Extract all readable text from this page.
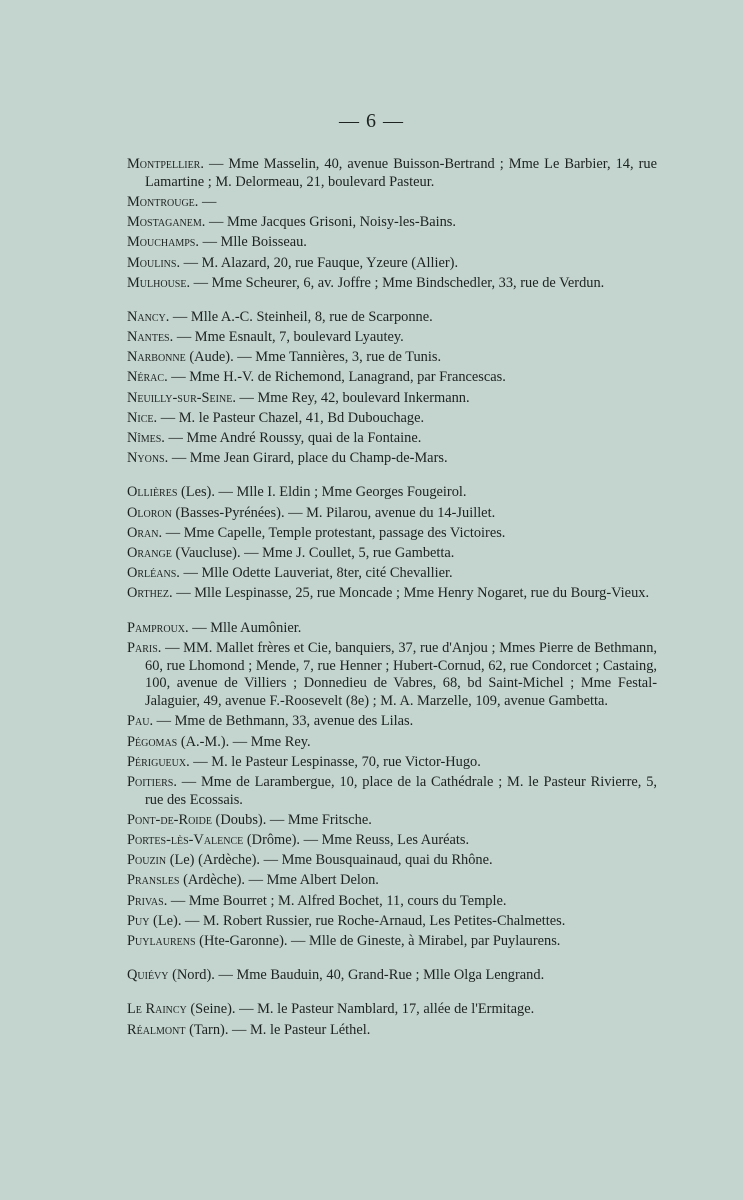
— 6 —
Montpellier. — Mme Masselin, 40, avenue Buisson-Bertrand ; Mme Le Barbier, 14, rue Lamartine ; M. Delormeau, 21, boulevard Pasteur.
Montrouge. —
Mostaganem. — Mme Jacques Grisoni, Noisy-les-Bains.
Mouchamps. — Mlle Boisseau.
Moulins. — M. Alazard, 20, rue Fauque, Yzeure (Allier).
Mulhouse. — Mme Scheurer, 6, av. Joffre ; Mme Bindschedler, 33, rue de Verdun.
Nancy. — Mlle A.-C. Steinheil, 8, rue de Scarponne.
Nantes. — Mme Esnault, 7, boulevard Lyautey.
Narbonne (Aude). — Mme Tannières, 3, rue de Tunis.
Nérac. — Mme H.-V. de Richemond, Lanagrand, par Francescas.
Neuilly-sur-Seine. — Mme Rey, 42, boulevard Inkermann.
Nice. — M. le Pasteur Chazel, 41, Bd Dubouchage.
Nîmes. — Mme André Roussy, quai de la Fontaine.
Nyons. — Mme Jean Girard, place du Champ-de-Mars.
Ollières (Les). — Mlle I. Eldin ; Mme Georges Fougeirol.
Oloron (Basses-Pyrénées). — M. Pilarou, avenue du 14-Juillet.
Oran. — Mme Capelle, Temple protestant, passage des Victoires.
Orange (Vaucluse). — Mme J. Coullet, 5, rue Gambetta.
Orléans. — Mlle Odette Lauveriat, 8ter, cité Chevallier.
Orthez. — Mlle Lespinasse, 25, rue Moncade ; Mme Henry Nogaret, rue du Bourg-Vieux.
Pamproux. — Mlle Aumônier.
Paris. — MM. Mallet frères et Cie, banquiers, 37, rue d'Anjou ; Mmes Pierre de Bethmann, 60, rue Lhomond ; Mende, 7, rue Henner ; Hubert-Cornud, 62, rue Condorcet ; Castaing, 100, avenue de Villiers ; Donnedieu de Vabres, 68, bd Saint-Michel ; Mme Festal-Jalaguier, 49, avenue F.-Roosevelt (8e) ; M. A. Marzelle, 109, avenue Gambetta.
Pau. — Mme de Bethmann, 33, avenue des Lilas.
Pégomas (A.-M.). — Mme Rey.
Périgueux. — M. le Pasteur Lespinasse, 70, rue Victor-Hugo.
Poitiers. — Mme de Larambergue, 10, place de la Cathédrale ; M. le Pasteur Rivierre, 5, rue des Ecossais.
Pont-de-Roide (Doubs). — Mme Fritsche.
Portes-lès-Valence (Drôme). — Mme Reuss, Les Auréats.
Pouzin (Le) (Ardèche). — Mme Bousquainaud, quai du Rhône.
Pransles (Ardèche). — Mme Albert Delon.
Privas. — Mme Bourret ; M. Alfred Bochet, 11, cours du Temple.
Puy (Le). — M. Robert Russier, rue Roche-Arnaud, Les Petites-Chalmettes.
Puylaurens (Hte-Garonne). — Mlle de Gineste, à Mirabel, par Puylaurens.
Quiévy (Nord). — Mme Bauduin, 40, Grand-Rue ; Mlle Olga Lengrand.
Le Raincy (Seine). — M. le Pasteur Namblard, 17, allée de l'Ermitage.
Réalmont (Tarn). — M. le Pasteur Léthel.
